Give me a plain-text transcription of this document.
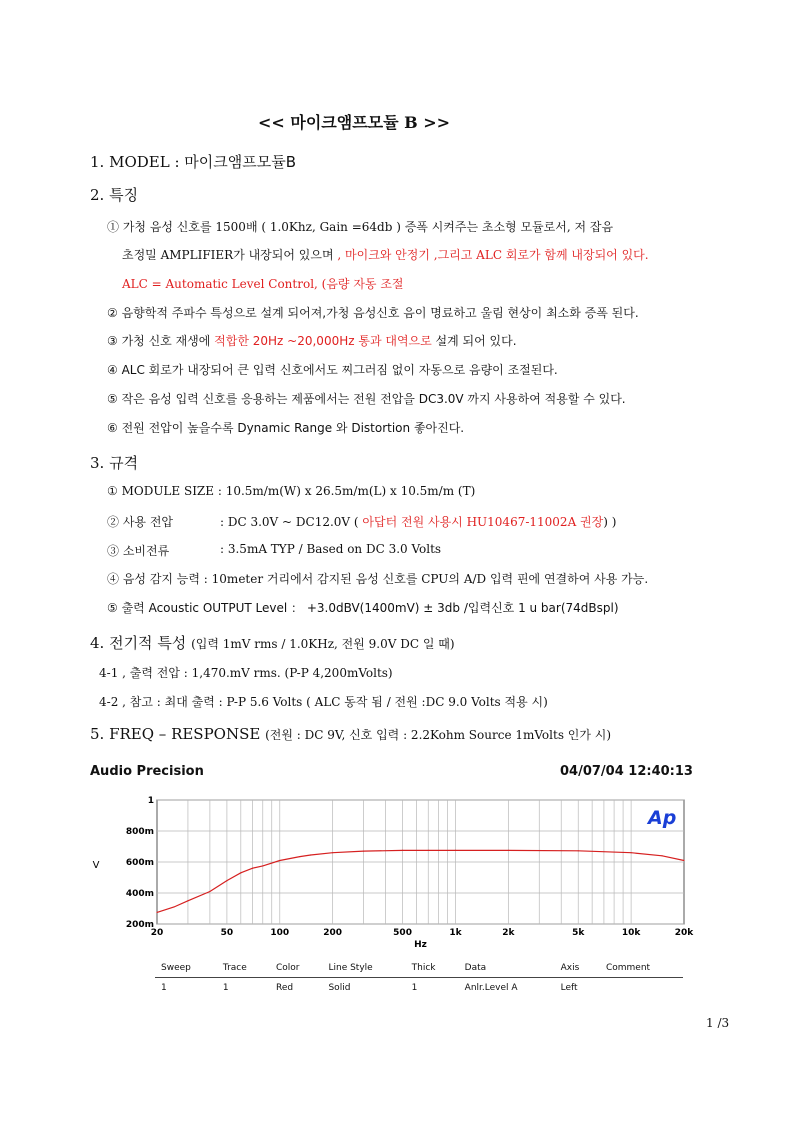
<< 마이크앰프모듈 B >>
1. MODEL : 마이크앰프모듈B
2. 특징
① 가청 음성 신호를 1500배 ( 1.0Khz, Gain =64db ) 증폭 시켜주는 초소형 모듈로서, 저 잡음
초정밀 AMPLIFIER가 내장되어 있으며 , 마이크와 안정기 ,그리고 ALC 회로가 함께 내장되어 있다.
ALC = Automatic Level Control, (음량 자동 조절
② 음향학적 주파수 특성으로 설계 되어져,가청 음성신호 음이 명료하고 울림 현상이 최소화 증폭 된다.
③ 가청 신호 재생에 적합한 20Hz ~20,000Hz 통과 대역으로 설계 되어 있다.
④ ALC 회로가 내장되어 큰 입력 신호에서도 찌그러짐 없이 자동으로 음량이 조절된다.
⑤ 작은 음성 입력 신호를 응용하는 제품에서는 전원 전압을 DC3.0V 까지 사용하여 적용할 수 있다.
⑥ 전원 전압이 높을수록 Dynamic Range 와 Distortion 좋아진다.
3. 규격
① MODULE SIZE : 10.5m/m(W) x 26.5m/m(L) x 10.5m/m (T)
② 사용 전압	: DC 3.0V ~ DC12.0V ( 아답터 전원 사용시 HU10467-11002A 권장) )
③ 소비전류	: 3.5mA TYP / Based on DC 3.0 Volts
④ 음성 감지 능력 : 10meter 거리에서 감지된 음성 신호를 CPU의 A/D 입력 핀에 연결하여 사용 가능.
⑤ 출력 Acoustic OUTPUT Level ： +3.0dBV(1400mV) ± 3db /입력신호 1 u bar(74dBspl)
4. 전기적 특성 (입력 1mV rms / 1.0KHz, 전원 9.0V DC 일 때)
4-1 , 출력 전압 : 1,470.mV rms. (P-P 4,200mVolts)
4-2 , 참고 : 최대 출력 : P-P 5.6 Volts ( ALC 동작 됨 / 전원 :DC 9.0 Volts 적용 시)
5. FREQ – RESPONSE (전원 : DC 9V, 신호 입력 : 2.2Kohm Source 1mVolts 인가 시)
Audio Precision	04/07/04 12:40:13
1
800m
600m
400m
200m
20	50	100	200	500	1k	2k	5k	10k	20k
Hz
V
Ap
Sweep	Trace	Color	Line Style	Thick	Data	Axis	Comment
1	1	Red	Solid	1	Anlr.Level A	Left	
1 /3
